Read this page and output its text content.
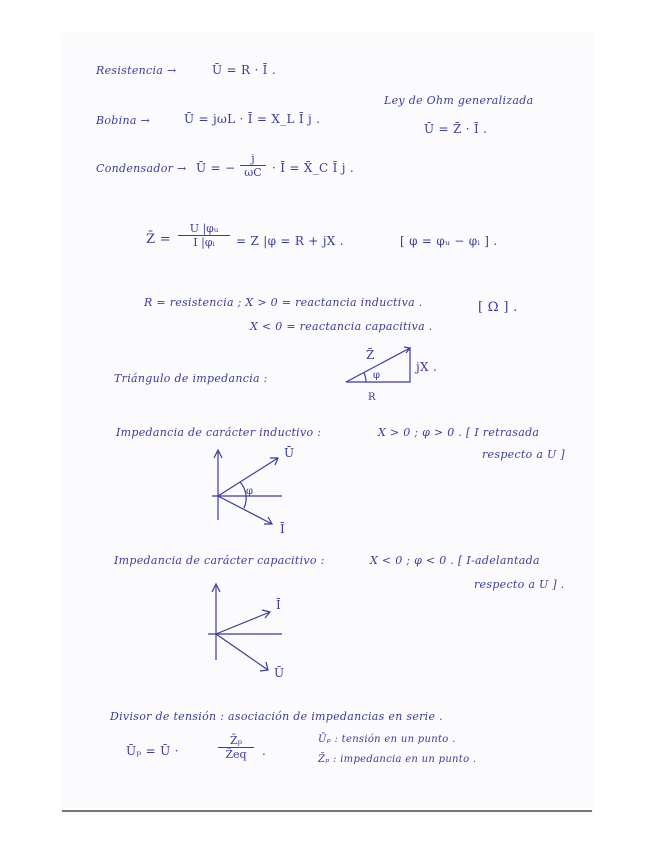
Resistencia →	Ū = R · Ī .
Bobina →	Ū = jωL · Ī = X_L Ī j .
Condensador → Ū = − $\frac{j}{\omega C}$ · Ī = X̄_C Ī j .
Ley de Ohm generalizada
Ū = Z̄ · Ī .
Z̄ = $\frac{\text{U |φᵤ}}{\text{I |φᵢ}} = Z$ |φ = R + jX .	[ φ = φᵤ − φᵢ ] .
R = resistencia ; X > 0 = reactancia inductiva .
X < 0 = reactancia capacitiva .
[ Ω ] .
Triángulo de impedancia :
Z̄
φ
jX .
R
Impedancia de carácter inductivo :	X > 0 ; φ > 0 . [ I retrasada
respecto a U ]
Ū
Ī
φ
Impedancia de carácter capacitivo :	X < 0 ; φ < 0 . [ I-adelantada
respecto a U ] .
Ī
Ū
Divisor de tensión : asociación de impedancias en serie .
Ūₚ = Ū ·	$\frac{\text{Z̄ₚ}}{Z̄eq}$ .
Ūₚ : tensión en un punto .
Z̄ₚ : impedancia en un punto .
